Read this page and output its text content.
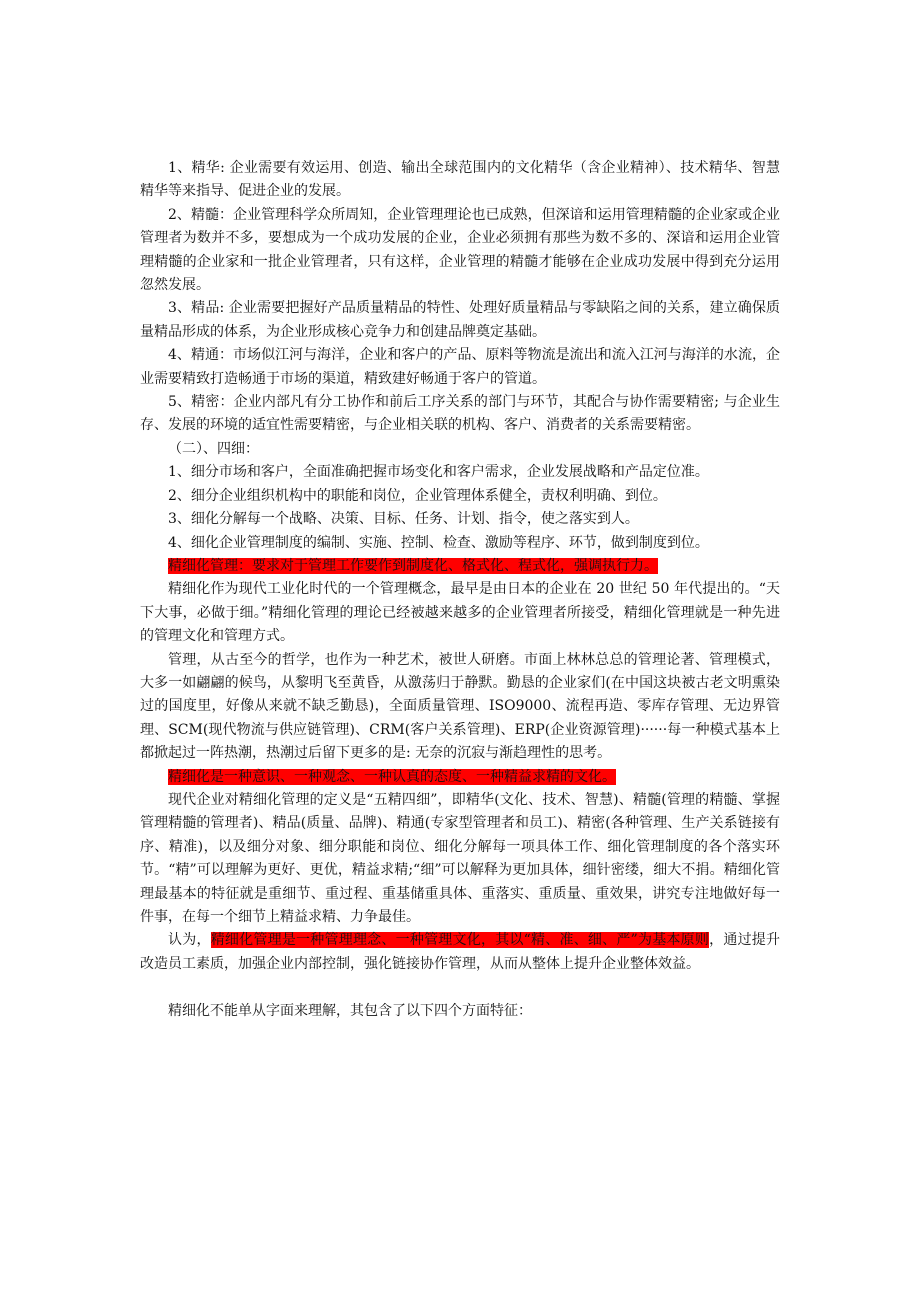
1、精华: 企业需要有效运用、创造、输出全球范围内的文化精华（含企业精神）、技术精华、智慧精华等来指导、促进企业的发展。

2、精髓：企业管理科学众所周知，企业管理理论也已成熟，但深谙和运用管理精髓的企业家或企业管理者为数并不多，要想成为一个成功发展的企业，企业必须拥有那些为数不多的、深谙和运用企业管理精髓的企业家和一批企业管理者，只有这样，企业管理的精髓才能够在企业成功发展中得到充分运用忽然发展。

3、精品: 企业需要把握好产品质量精品的特性、处理好质量精品与零缺陷之间的关系，建立确保质量精品形成的体系，为企业形成核心竞争力和创建品牌奠定基础。

4、精通：市场似江河与海洋，企业和客户的产品、原料等物流是流出和流入江河与海洋的水流，企业需要精致打造畅通于市场的渠道，精致建好畅通于客户的管道。

5、精密：企业内部凡有分工协作和前后工序关系的部门与环节，其配合与协作需要精密; 与企业生存、发展的环境的适宜性需要精密，与企业相关联的机构、客户、消费者的关系需要精密。

（二）、四细：

1、细分市场和客户，全面准确把握市场变化和客户需求，企业发展战略和产品定位准。

2、细分企业组织机构中的职能和岗位，企业管理体系健全，责权利明确、到位。

3、细化分解每一个战略、决策、目标、任务、计划、指令，使之落实到人。

4、细化企业管理制度的编制、实施、控制、检查、激励等程序、环节，做到制度到位。

精细化管理：要求对于管理工作要作到制度化、格式化、程式化，强调执行力。

精细化作为现代工业化时代的一个管理概念，最早是由日本的企业在 20 世纪 50 年代提出的。“天下大事，必做于细。”精细化管理的理论已经被越来越多的企业管理者所接受，精细化管理就是一种先进的管理文化和管理方式。

管理，从古至今的哲学，也作为一种艺术，被世人研磨。市面上林林总总的管理论著、管理模式，大多一如翩翩的候鸟，从黎明飞至黄昏，从激荡归于静默。勤恳的企业家们(在中国这块被古老文明熏染过的国度里，好像从来就不缺乏勤恳)，全面质量管理、ISO9000、流程再造、零库存管理、无边界管理、SCM(现代物流与供应链管理)、CRM(客户关系管理)、ERP(企业资源管理)······每一种模式基本上都掀起过一阵热潮，热潮过后留下更多的是: 无奈的沉寂与渐趋理性的思考。

精细化是一种意识、一种观念、一种认真的态度、一种精益求精的文化。

现代企业对精细化管理的定义是“五精四细”，即精华(文化、技术、智慧)、精髓(管理的精髓、掌握管理精髓的管理者)、精品(质量、品牌)、精通(专家型管理者和员工)、精密(各种管理、生产关系链接有序、精准)，以及细分对象、细分职能和岗位、细化分解每一项具体工作、细化管理制度的各个落实环节。“精”可以理解为更好、更优，精益求精;“细”可以解释为更加具体，细针密缕，细大不捐。精细化管理最基本的特征就是重细节、重过程、重基储重具体、重落实、重质量、重效果，讲究专注地做好每一件事，在每一个细节上精益求精、力争最佳。

认为，精细化管理是一种管理理念、一种管理文化，其以“精、准、细、严”为基本原则，通过提升改造员工素质，加强企业内部控制，强化链接协作管理，从而从整体上提升企业整体效益。

精细化不能单从字面来理解，其包含了以下四个方面特征：
